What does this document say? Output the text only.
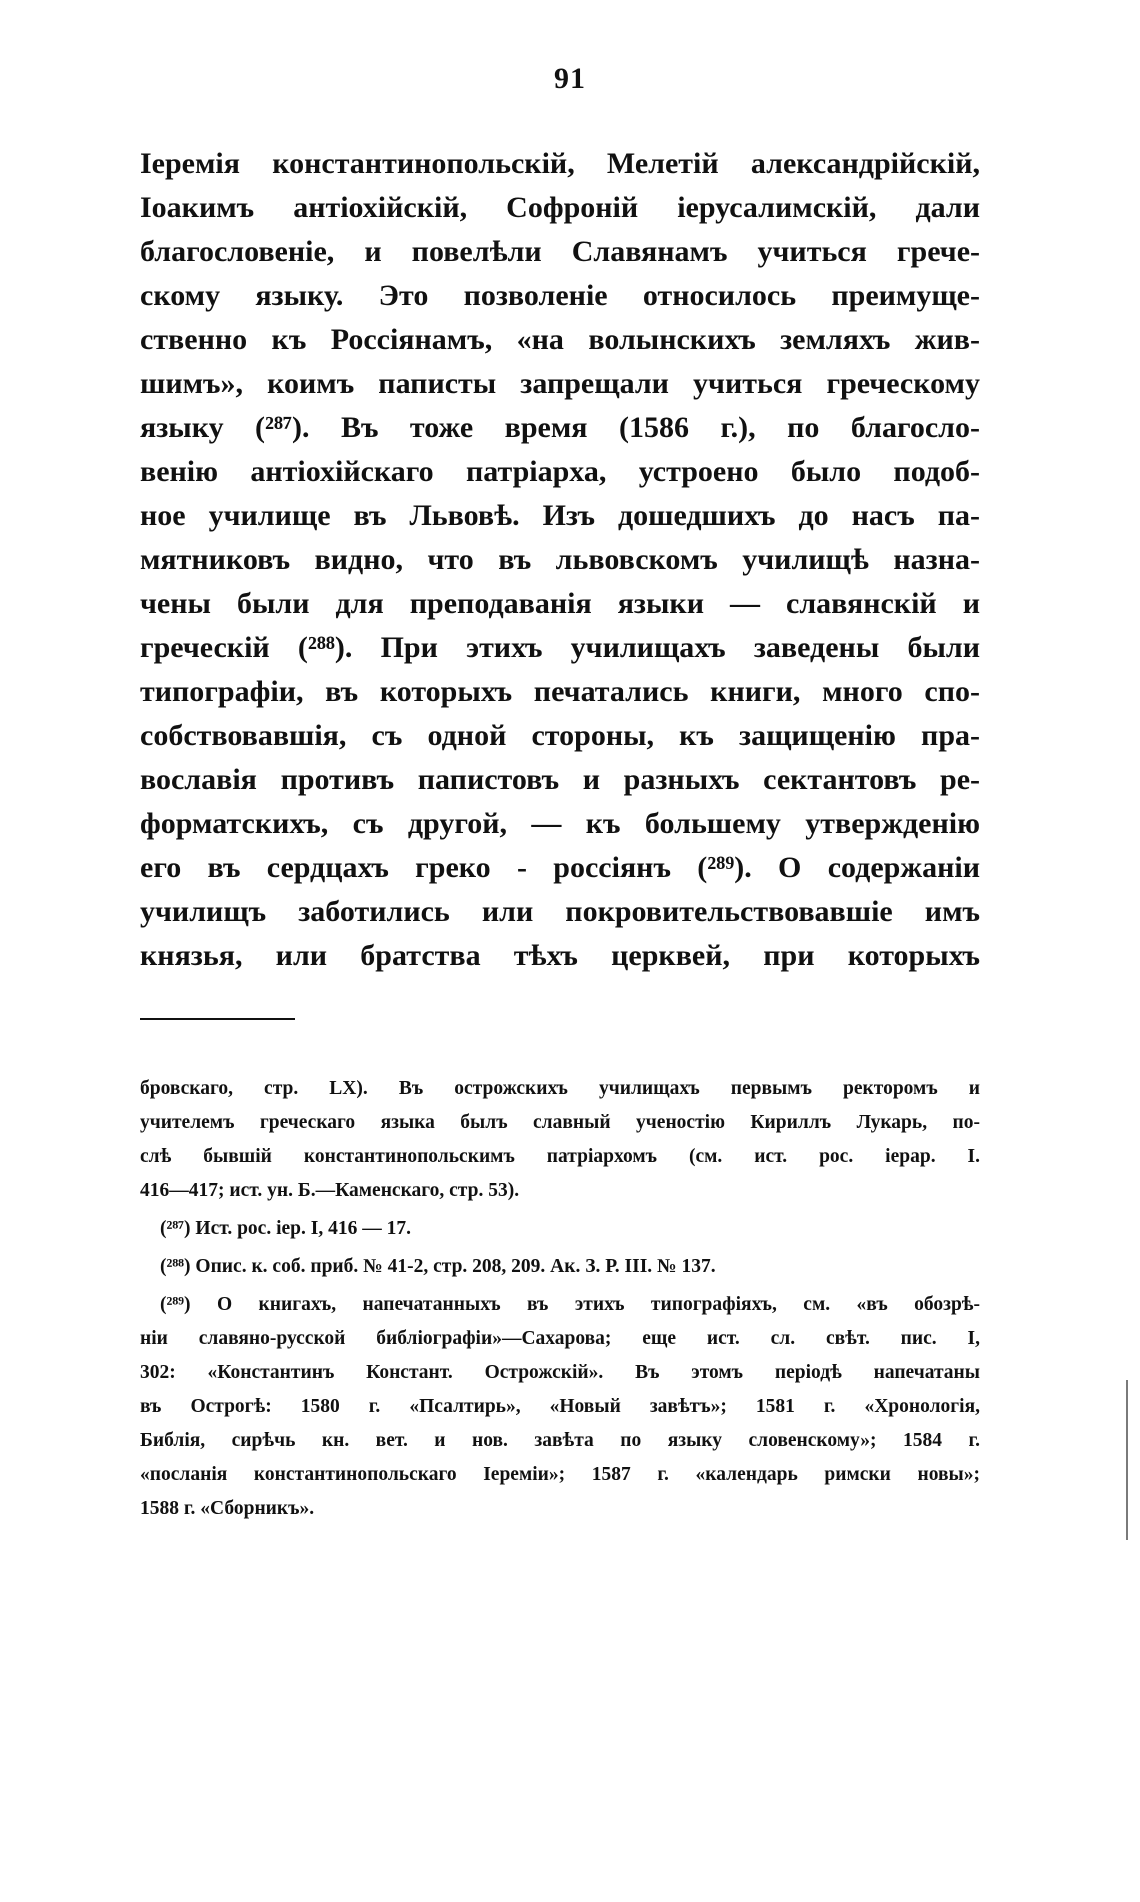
91
Іеремія константинопольскій, Мелетій александрійскій,
Іоакимъ антіохійскій, Софроній іерусалимскій, дали
благословеніе, и повелѣли Славянамъ учиться грече-
скому языку. Это позволеніе относилось преимуще-
ственно къ Россіянамъ, «на волынскихъ земляхъ жив-
шимъ», коимъ паписты запрещали учиться греческому
языку (²⁸⁷). Въ тоже время (1586 г.), по благосло-
венію антіохійскаго патріарха, устроено было подоб-
ное училище въ Львовѣ. Изъ дошедшихъ до насъ па-
мятниковъ видно, что въ львовскомъ училищѣ назна-
чены были для преподаванія языки — славянскій и
греческій (²⁸⁸). При этихъ училищахъ заведены были
типографіи, въ которыхъ печатались книги, много спо-
собствовавшія, съ одной стороны, къ защищенію пра-
вославія противъ папистовъ и разныхъ сектантовъ ре-
форматскихъ, съ другой, — къ большему утвержденію
его въ сердцахъ греко - россіянъ (²⁸⁹). О содержаніи
училищъ заботились или покровительствовавшіе имъ
князья, или братства тѣхъ церквей, при которыхъ
бровскаго, стр. LX). Въ острожскихъ училищахъ первымъ ректоромъ и
учителемъ греческаго языка былъ славный ученостію Кириллъ Лукарь, по-
слѣ бывшій константинопольскимъ патріархомъ (см. ист. рос. іерар. I.
416—417; ист. ун. Б.—Каменскаго, стр. 53).
(²⁸⁷) Ист. рос. іер. I, 416 — 17.
(²⁸⁸) Опис. к. соб. приб. № 41-2, стр. 208, 209. Ак. З. Р. III. № 137.
(²⁸⁹) О книгахъ, напечатанныхъ въ этихъ типографіяхъ, см. «въ обозрѣ-
ніи славяно-русской библіографіи»—Сахарова; еще ист. сл. свѣт. пис. I,
302: «Константинъ Констант. Острожскій». Въ этомъ періодѣ напечатаны
въ Острогѣ: 1580 г. «Псалтирь», «Новый завѣтъ»; 1581 г. «Хронологія,
Библія, сирѣчь кн. вет. и нов. завѣта по языку словенскому»; 1584 г.
«посланія константинопольскаго Іереміи»; 1587 г. «календарь римски новы»;
1588 г. «Сборникъ».
